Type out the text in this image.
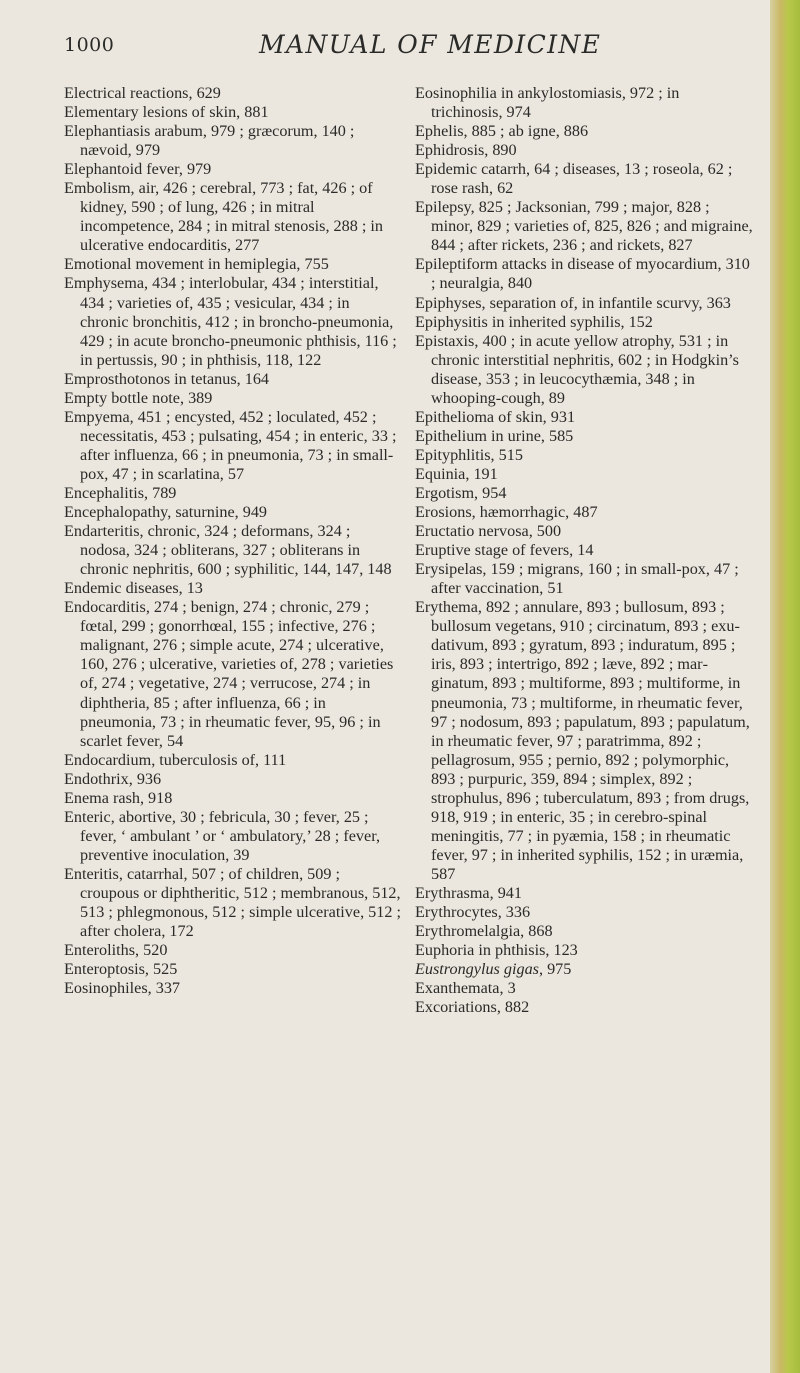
1000	MANUAL OF MEDICINE

Electrical reactions, 629

Elementary lesions of skin, 881

Elephantiasis arabum, 979 ; græcorum, 140 ; nævoid, 979

Elephantoid fever, 979

Embolism, air, 426 ; cerebral, 773 ; fat, 426 ; of kidney, 590 ; of lung, 426 ; in mitral incompetence, 284 ; in mitral stenosis, 288 ; in ulcerative endocarditis, 277

Emotional movement in hemiplegia, 755

Emphysema, 434 ; interlobular, 434 ; interstitial, 434 ; varieties of, 435 ; vesicular, 434 ; in chronic bronchitis, 412 ; in broncho-pneumonia, 429 ; in acute broncho-pneumonic phthisis, 116 ; in pertussis, 90 ; in phthisis, 118, 122

Emprosthotonos in tetanus, 164

Empty bottle note, 389

Empyema, 451 ; encysted, 452 ; loculated, 452 ; necessitatis, 453 ; pulsating, 454 ; in enteric, 33 ; after influenza, 66 ; in pneumonia, 73 ; in small-pox, 47 ; in scarlatina, 57

Encephalitis, 789

Encephalopathy, saturnine, 949

Endarteritis, chronic, 324 ; deformans, 324 ; nodosa, 324 ; obliterans, 327 ; obliterans in chronic nephritis, 600 ; syphilitic, 144, 147, 148

Endemic diseases, 13

Endocarditis, 274 ; benign, 274 ; chronic, 279 ; fœtal, 299 ; gonorrhœal, 155 ; infective, 276 ; malignant, 276 ; simple acute, 274 ; ulcerative, 160, 276 ; ulcerative, varieties of, 278 ; varieties of, 274 ; vegetative, 274 ; verrucose, 274 ; in diphtheria, 85 ; after influenza, 66 ; in pneumonia, 73 ; in rheumatic fever, 95, 96 ; in scarlet fever, 54

Endocardium, tuberculosis of, 111

Endothrix, 936

Enema rash, 918

Enteric, abortive, 30 ; febricula, 30 ; fever, 25 ; fever, ‘ ambulant ’ or ‘ ambulatory,’ 28 ; fever, preventive inoculation, 39

Enteritis, catarrhal, 507 ; of children, 509 ; croupous or diphtheritic, 512 ; membranous, 512, 513 ; phlegmonous, 512 ; simple ulcerative, 512 ; after cholera, 172

Enteroliths, 520

Enteroptosis, 525

Eosinophiles, 337

Eosinophilia in ankylostomiasis, 972 ; in trichinosis, 974

Ephelis, 885 ; ab igne, 886

Ephidrosis, 890

Epidemic catarrh, 64 ; diseases, 13 ; roseola, 62 ; rose rash, 62

Epilepsy, 825 ; Jacksonian, 799 ; major, 828 ; minor, 829 ; varieties of, 825, 826 ; and migraine, 844 ; after rickets, 236 ; and rickets, 827

Epileptiform attacks in disease of myocardium, 310 ; neuralgia, 840

Epiphyses, separation of, in infantile scurvy, 363

Epiphysitis in inherited syphilis, 152

Epistaxis, 400 ; in acute yellow atrophy, 531 ; in chronic interstitial nephritis, 602 ; in Hodgkin’s disease, 353 ; in leucocythæmia, 348 ; in whooping-cough, 89

Epithelioma of skin, 931

Epithelium in urine, 585

Epityphlitis, 515

Equinia, 191

Ergotism, 954

Erosions, hæmorrhagic, 487

Eructatio nervosa, 500

Eruptive stage of fevers, 14

Erysipelas, 159 ; migrans, 160 ; in small-pox, 47 ; after vaccination, 51

Erythema, 892 ; annulare, 893 ; bullosum, 893 ; bullosum vegetans, 910 ; circinatum, 893 ; exudativum, 893 ; gyratum, 893 ; induratum, 895 ; iris, 893 ; intertrigo, 892 ; læve, 892 ; marginatum, 893 ; multiforme, 893 ; multiforme, in pneumonia, 73 ; multiforme, in rheumatic fever, 97 ; nodosum, 893 ; papulatum, 893 ; papulatum, in rheumatic fever, 97 ; paratrimma, 892 ; pellagrosum, 955 ; pernio, 892 ; polymorphic, 893 ; purpuric, 359, 894 ; simplex, 892 ; strophulus, 896 ; tuberculatum, 893 ; from drugs, 918, 919 ; in enteric, 35 ; in cerebro-spinal meningitis, 77 ; in pyæmia, 158 ; in rheumatic fever, 97 ; in inherited syphilis, 152 ; in uræmia, 587

Erythrasma, 941

Erythrocytes, 336

Erythromelalgia, 868

Euphoria in phthisis, 123

Eustrongylus gigas, 975

Exanthemata, 3

Excoriations, 882
